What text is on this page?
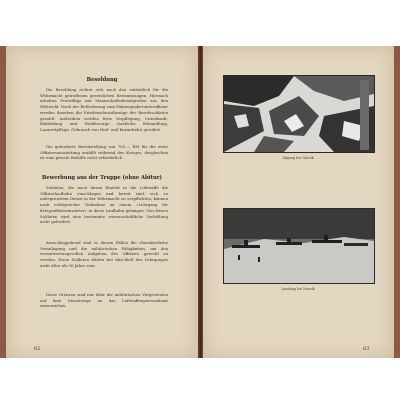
Besoldung

Die Besoldung richtet sich nach den einheitlich für die Wehrmacht getroffenen gesetzlichen Bestimmungen. Hiernach erhalten Freiwillige mit Mannschaftsdienstgraden aus den Wehrsold. Nach der Beförderung zum Fahnenjunkerunteroffizier werden daneben die Friedensdienstbezüge der Berufssoldaten gezahlt. Außerdem werden freie Verpflegung, Unterkunft, Bekleidung und Heilfürsorge (ärztliche Behandlung, Lazarettpflege, Gebrauch von Heil- und Kurmitteln) gewährt.

Die geforderte Bereitstellung von 700,— RM für die erste Offiziersausstattung entfällt während des Krieges, desgleichen ist eine private Beihilfe nicht erforderlich.

Bewerbung aus der Truppe (ohne Abitur)

Soldaten, die nach ihrem Eintritt in die Luftwaffe die Offizierlaufbahn einschlagen und bereit sind, sich zu unbegrenztem Dienst in der Wehrmacht zu verpflichten, können nach erfolgreicher Teilnahme an einem »Lehrgang für Kriegsoffizieranwärter« in diese Laufbahn gelangen. Von diesen Soldaten wird eine bestimmte wissenschaftliche Vorbildung nicht gefordert.

Ausschlaggebend sind in diesen Fällen die charakterliche Veranlagung und die militärischen Fähigkeiten, um den verantwortungsvollen Aufgaben des Offiziers gerecht zu werden. Diese Soldaten dürfen bei Abschluß des Lehrganges nicht älter als 30 Jahre sein.

Diese Grenzen sind nur über die militärischen Vorgesetzten auf dem Dienstwege an das Luftwaffenpersonalamt einzureichen.

62
Abgang bei Narvik
Landung bei Narvik
63
